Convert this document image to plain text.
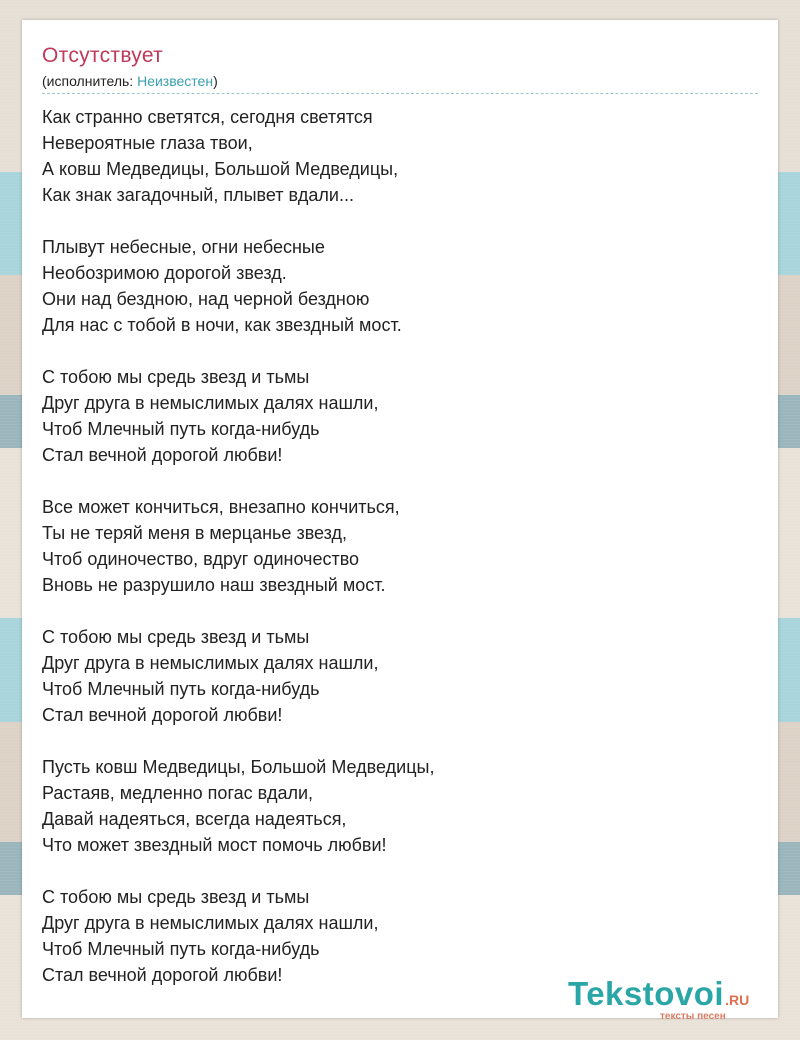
Отсутствует
(исполнитель: Неизвестен)
Как странно светятся, сегодня светятся
Невероятные глаза твои,
А ковш Медведицы, Большой Медведицы,
Как знак загадочный, плывет вдали...
Плывут небесные, огни небесные
Необозримою дорогой звезд.
Они над бездною, над черной бездною
Для нас с тобой в ночи, как звездный мост.
С тобою мы средь звезд и тьмы
Друг друга в немыслимых далях нашли,
Чтоб Млечный путь когда-нибудь
Стал вечной дорогой любви!
Все может кончиться, внезапно кончиться,
Ты не теряй меня в мерцанье звезд,
Чтоб одиночество, вдруг одиночество
Вновь не разрушило наш звездный мост.
С тобою мы средь звезд и тьмы
Друг друга в немыслимых далях нашли,
Чтоб Млечный путь когда-нибудь
Стал вечной дорогой любви!
Пусть ковш Медведицы, Большой Медведицы,
Растаяв, медленно погас вдали,
Давай надеяться, всегда надеяться,
Что может звездный мост помочь любви!
С тобою мы средь звезд и тьмы
Друг друга в немыслимых далях нашли,
Чтоб Млечный путь когда-нибудь
Стал вечной дорогой любви!	Tekstovoi.RU
тексты песен
